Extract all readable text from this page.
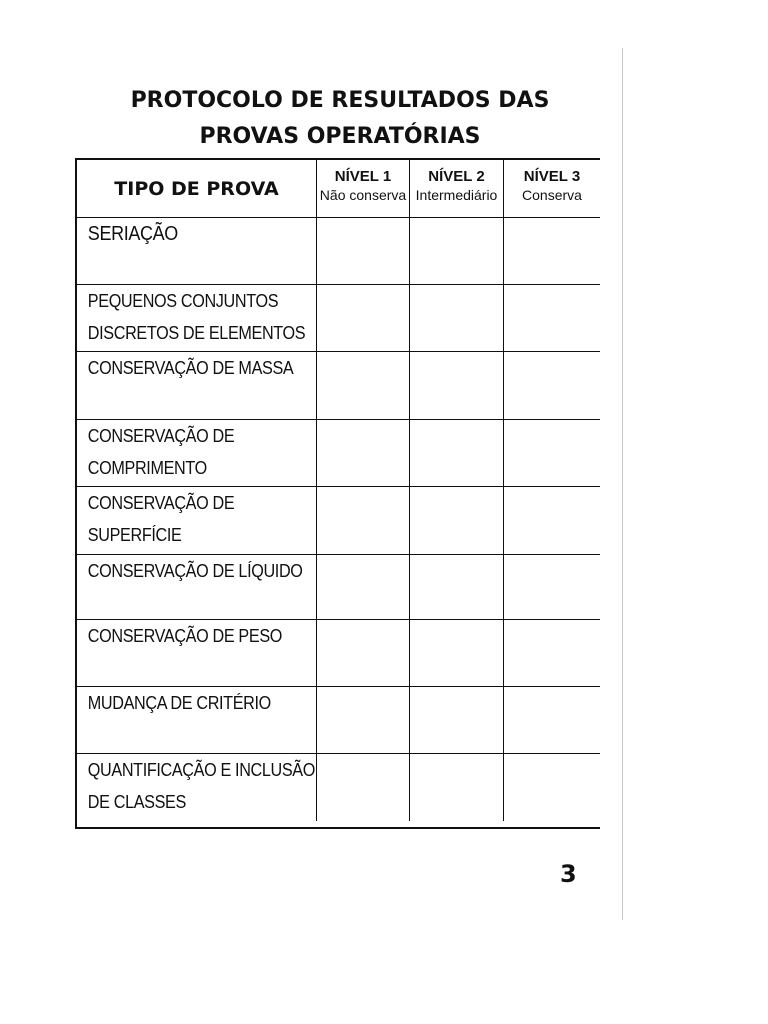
PROTOCOLO DE RESULTADOS DAS
PROVAS OPERATÓRIAS
TIPO DE PROVA
NÍVEL 1
Não conserva
NÍVEL 2
Intermediário
NÍVEL 3
Conserva
SERIAÇÃO
PEQUENOS CONJUNTOS
DISCRETOS DE ELEMENTOS
CONSERVAÇÃO DE MASSA
CONSERVAÇÃO DE
COMPRIMENTO
CONSERVAÇÃO DE
SUPERFÍCIE
CONSERVAÇÃO DE LÍQUIDO
CONSERVAÇÃO DE PESO
MUDANÇA DE CRITÉRIO
QUANTIFICAÇÃO E INCLUSÃO
DE CLASSES
3
